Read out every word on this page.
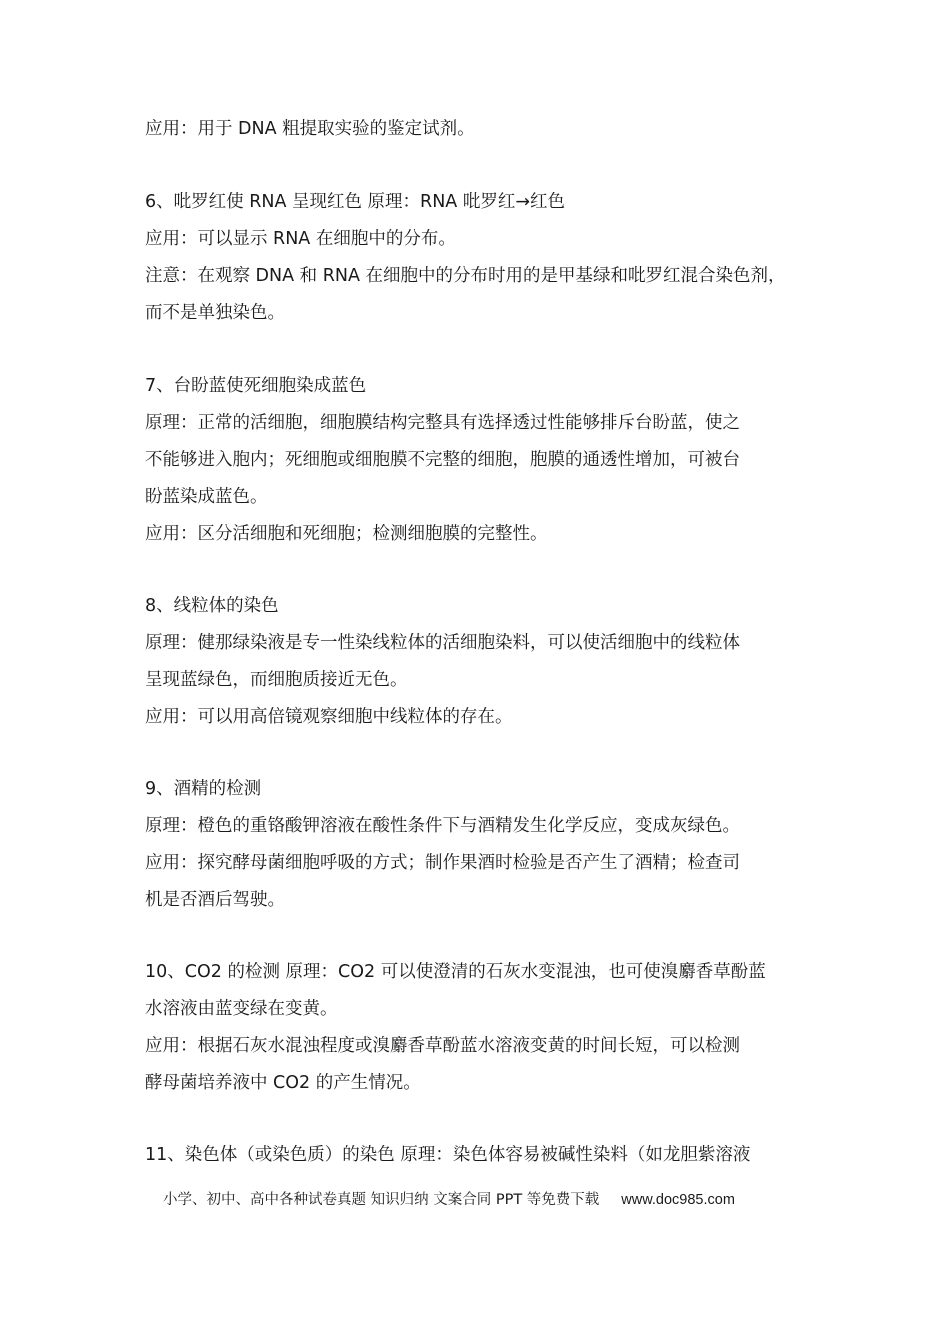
应用：用于 DNA 粗提取实验的鉴定试剂。

6、吡罗红使 RNA 呈现红色 原理：RNA 吡罗红→红色

应用：可以显示 RNA 在细胞中的分布。

注意：在观察 DNA 和 RNA 在细胞中的分布时用的是甲基绿和吡罗红混合染色剂，

而不是单独染色。

7、台盼蓝使死细胞染成蓝色

原理：正常的活细胞，细胞膜结构完整具有选择透过性能够排斥台盼蓝，使之

不能够进入胞内；死细胞或细胞膜不完整的细胞，胞膜的通透性增加，可被台

盼蓝染成蓝色。

应用：区分活细胞和死细胞；检测细胞膜的完整性。

8、线粒体的染色

原理：健那绿染液是专一性染线粒体的活细胞染料，可以使活细胞中的线粒体

呈现蓝绿色，而细胞质接近无色。

应用：可以用高倍镜观察细胞中线粒体的存在。

9、酒精的检测

原理：橙色的重铬酸钾溶液在酸性条件下与酒精发生化学反应，变成灰绿色。

应用：探究酵母菌细胞呼吸的方式；制作果酒时检验是否产生了酒精；检查司

机是否酒后驾驶。

10、CO2 的检测 原理：CO2 可以使澄清的石灰水变混浊，也可使溴麝香草酚蓝

水溶液由蓝变绿在变黄。

应用：根据石灰水混浊程度或溴麝香草酚蓝水溶液变黄的时间长短，可以检测

酵母菌培养液中 CO2 的产生情况。

11、染色体（或染色质）的染色 原理：染色体容易被碱性染料（如龙胆紫溶液

小学、初中、高中各种试卷真题 知识归纳 文案合同 PPT 等免费下载 www.doc985.com
